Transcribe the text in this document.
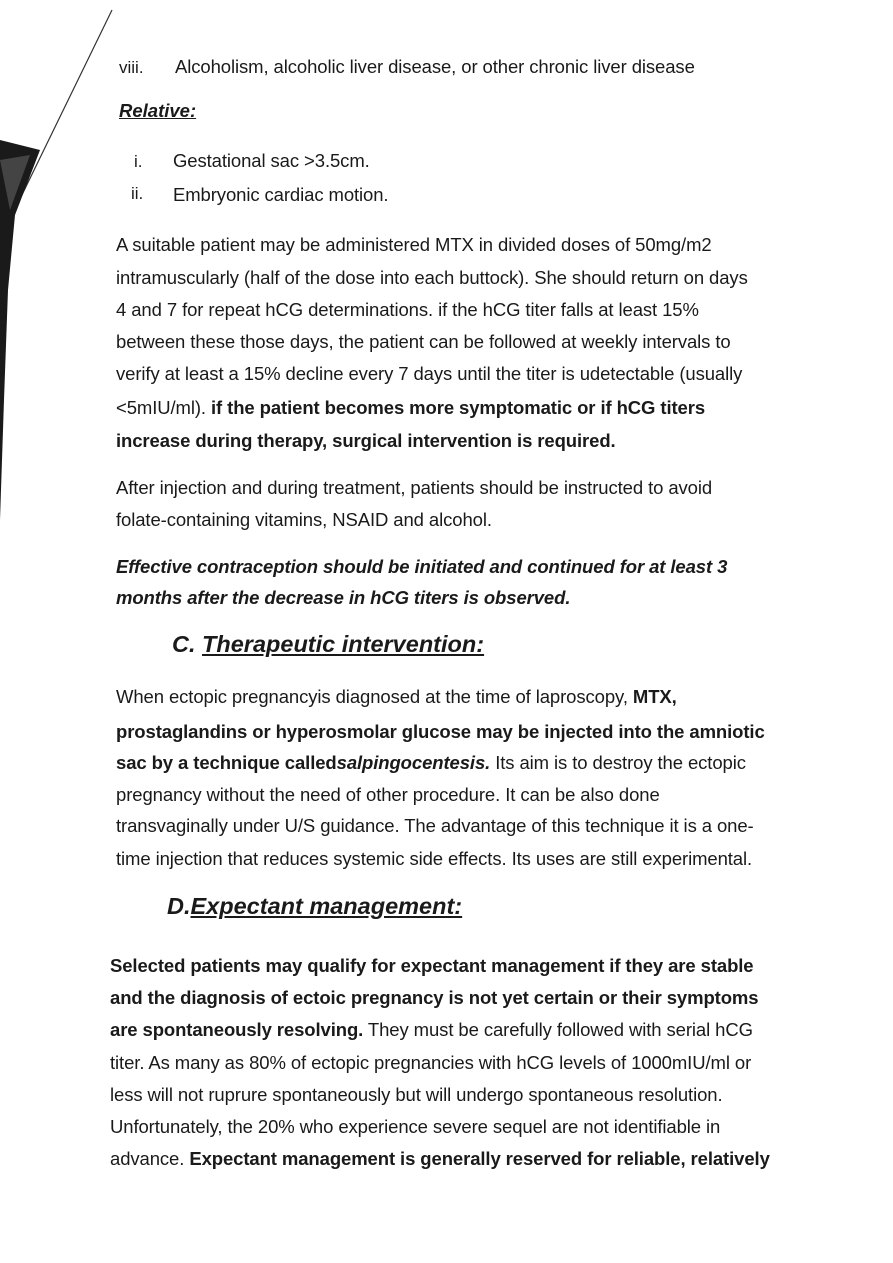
viii. Alcoholism, alcoholic liver disease, or other chronic liver disease
Relative:
i. Gestational sac >3.5cm.
ii. Embryonic cardiac motion.
A suitable patient may be administered MTX in divided doses of 50mg/m2
intramuscularly (half of the dose into each buttock). She should return on days
4 and 7 for repeat hCG determinations. if the hCG titer falls at least 15%
between these those days, the patient can be followed at weekly intervals to
verify at least a 15% decline every 7 days until the titer is udetectable (usually
<5mIU/ml). if the patient becomes more symptomatic or if hCG titers
increase during therapy, surgical intervention is required.
After injection and during treatment, patients should be instructed to avoid
folate-containing vitamins, NSAID and alcohol.
Effective contraception should be initiated and continued for at least 3
months after the decrease in hCG titers is observed.
C. Therapeutic intervention:
When ectopic pregnancyis diagnosed at the time of laproscopy, MTX,
prostaglandins or hyperosmolar glucose may be injected into the amniotic
sac by a technique calledsalpingocentesis. Its aim is to destroy the ectopic
pregnancy without the need of other procedure. It can be also done
transvaginally under U/S guidance. The advantage of this technique it is a one-
time injection that reduces systemic side effects. Its uses are still experimental.
D.Expectant management:
Selected patients may qualify for expectant management if they are stable
and the diagnosis of ectoic pregnancy is not yet certain or their symptoms
are spontaneously resolving. They must be carefully followed with serial hCG
titer. As many as 80% of ectopic pregnancies with hCG levels of 1000mIU/ml or
less will not ruprure spontaneously but will undergo spontaneous resolution.
Unfortunately, the 20% who experience severe sequel are not identifiable in
advance. Expectant management is generally reserved for reliable, relatively
